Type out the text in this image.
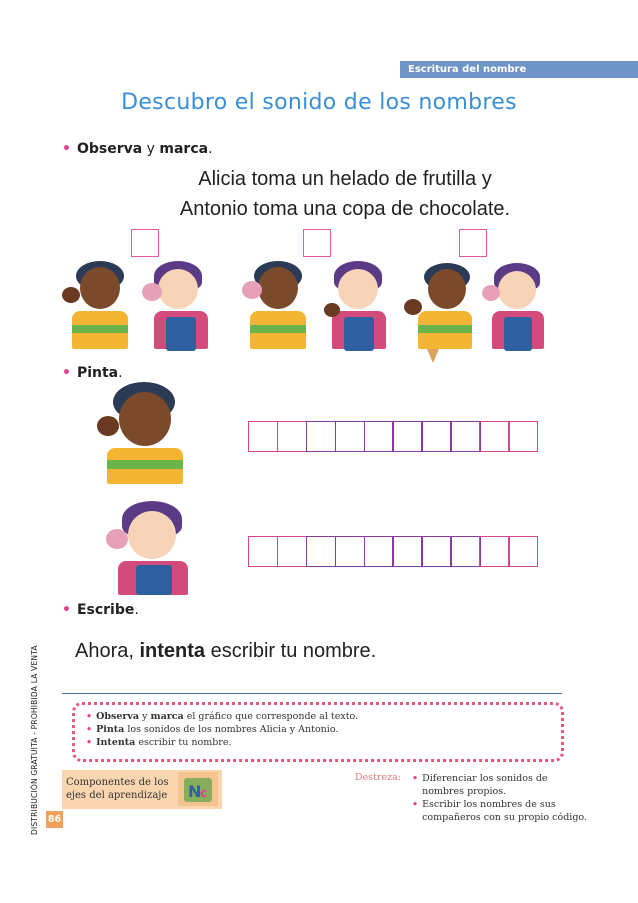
Escritura del nombre
Descubro el sonido de los nombres
• Observa y marca.
Alicia toma un helado de frutilla y
Antonio toma una copa de chocolate.
• Pinta.
• Escribe.
Ahora, intenta escribir tu nombre.
• Observa y marca el gráfico que corresponde al texto.
• Pinta los sonidos de los nombres Alicia y Antonio.
• Intenta escribir tu nombre.
Componentes de los ejes del aprendizaje	N
c
Destreza: • Diferenciar los sonidos de nombres propios.
• Escribir los nombres de sus compañeros con su propio código.
86
DISTRIBUCIÓN GRATUITA - PROHIBIDA LA VENTA
